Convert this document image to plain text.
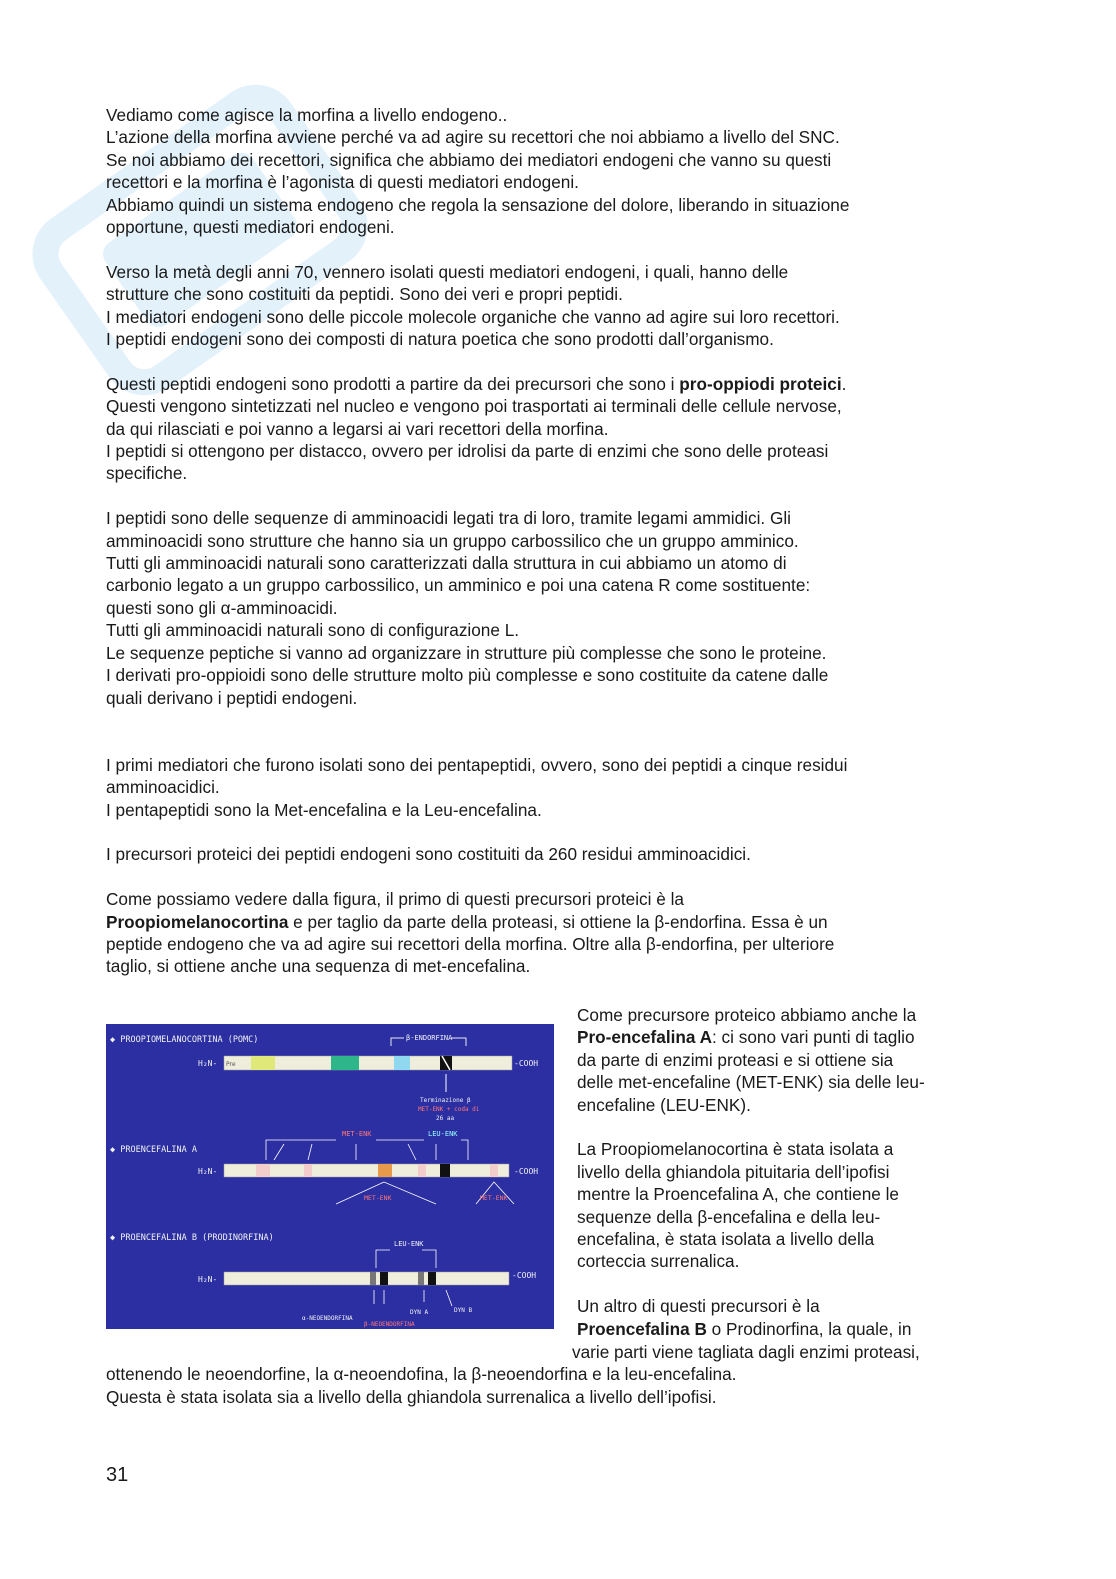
Vediamo come agisce la morfina a livello endogeno..
L’azione della morfina avviene perché va ad agire su recettori che noi abbiamo a livello del SNC.
Se noi abbiamo dei recettori, significa che abbiamo dei mediatori endogeni che vanno su questi
recettori e la morfina è l’agonista di questi mediatori endogeni.
Abbiamo quindi un sistema endogeno che regola la sensazione del dolore, liberando in situazione
opportune, questi mediatori endogeni.

Verso la metà degli anni 70, vennero isolati questi mediatori endogeni, i quali, hanno delle
strutture che sono costituiti da peptidi. Sono dei veri e propri peptidi.
I mediatori endogeni sono delle piccole molecole organiche che vanno ad agire sui loro recettori.
I peptidi endogeni sono dei composti di natura poetica che sono prodotti dall’organismo.

Questi peptidi endogeni sono prodotti a partire da dei precursori che sono i pro-oppiodi proteici.
Questi vengono sintetizzati nel nucleo e vengono poi trasportati ai terminali delle cellule nervose,
da qui rilasciati e poi vanno a legarsi ai vari recettori della morfina.
I peptidi si ottengono per distacco, ovvero per idrolisi da parte di enzimi che sono delle proteasi
specifiche.

I peptidi sono delle sequenze di amminoacidi legati tra di loro, tramite legami ammidici. Gli
amminoacidi sono strutture che hanno sia un gruppo carbossilico che un gruppo amminico.
Tutti gli amminoacidi naturali sono caratterizzati dalla struttura in cui abbiamo un atomo di
carbonio legato a un gruppo carbossilico, un amminico e poi una catena R come sostituente:
questi sono gli α-amminoacidi.
Tutti gli amminoacidi naturali sono di configurazione L.
Le sequenze peptiche si vanno ad organizzare in strutture più complesse che sono le proteine.
I derivati pro-oppioidi sono delle strutture molto più complesse e sono costituite da catene dalle
quali derivano i peptidi endogeni.

I primi mediatori che furono isolati sono dei pentapeptidi, ovvero, sono dei peptidi a cinque residui
amminoacidici.
I pentapeptidi sono la Met-encefalina e la Leu-encefalina.

I precursori proteici dei peptidi endogeni sono costituiti da 260 residui amminoacidici.

Come possiamo vedere dalla figura, il primo di questi precursori proteici è la
Proopiomelanocortina e per taglio da parte della proteasi, si ottiene la β-endorfina. Essa è un
peptide endogeno che va ad agire sui recettori della morfina. Oltre alla β-endorfina, per ulteriore
taglio, si ottiene anche una sequenza di met-encefalina.

◆ PROOPIOMELANOCORTINA (POMC)	β-ENDORFINA
H₂N- Pre	-COOH
Terminazione β
MET-ENK + coda di
26 aa
◆ PROENCEFALINA A
MET-ENK	LEU-ENK
H₂N-	-COOH
MET-ENK	MET-ENK
◆ PROENCEFALINA B (PRODINORFINA)
LEU-ENK
H₂N-	-COOH
α-NEOENDORFINA
β-NEOENDORFINA
DYN A	DYN B

Come precursore proteico abbiamo anche la
Pro-encefalina A: ci sono vari punti di taglio
da parte di enzimi proteasi e si ottiene sia
delle met-encefaline (MET-ENK) sia delle leu-
encefaline (LEU-ENK).

La Proopiomelanocortina è stata isolata a
livello della ghiandola pituitaria dell’ipofisi
mentre la Proencefalina A, che contiene le
sequenze della β-encefalina e della leu-
encefalina, è stata isolata a livello della
corteccia surrenalica.

Un altro di questi precursori è la
Proencefalina B o Prodinorfina, la quale, in

varie parti viene tagliata dagli enzimi proteasi,
ottenendo le neoendorfine, la α-neoendofina, la β-neoendorfina e la leu-encefalina.
Questa è stata isolata sia a livello della ghiandola surrenalica a livello dell’ipofisi.
31
